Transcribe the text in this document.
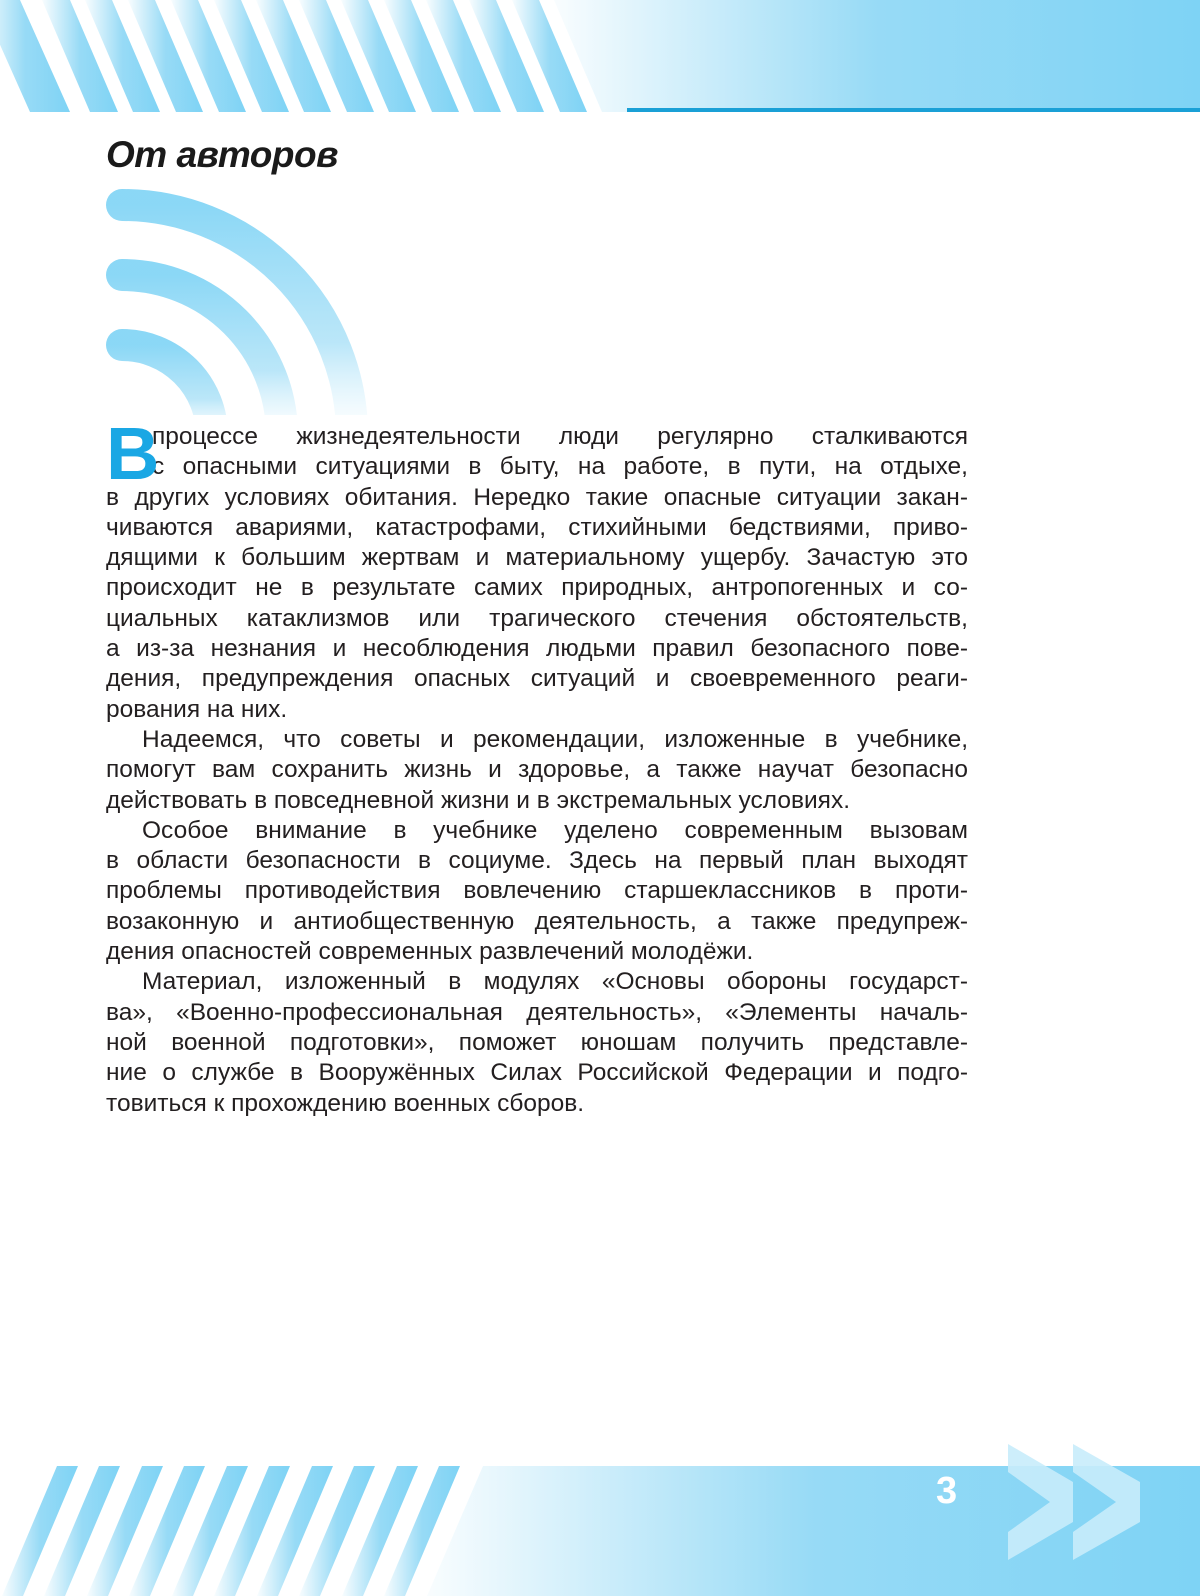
От авторов
В
процессе жизнедеятельности люди регулярно сталкиваются
с опасными ситуациями в быту, на работе, в пути, на отдыхе,
в других условиях обитания. Нередко такие опасные ситуации закан-
чиваются авариями, катастрофами, стихийными бедствиями, приво-
дящими к большим жертвам и материальному ущербу. Зачастую это
происходит не в результате самих природных, антропогенных и со-
циальных катаклизмов или трагического стечения обстоятельств,
а из-за незнания и несоблюдения людьми правил безопасного пове-
дения, предупреждения опасных ситуаций и своевременного реаги-
рования на них.
Надеемся, что советы и рекомендации, изложенные в учебнике,
помогут вам сохранить жизнь и здоровье, а также научат безопасно
действовать в повседневной жизни и в экстремальных условиях.
Особое внимание в учебнике уделено современным вызовам
в области безопасности в социуме. Здесь на первый план выходят
проблемы противодействия вовлечению старшеклассников в проти-
возаконную и антиобщественную деятельность, а также предупреж-
дения опасностей современных развлечений молодёжи.
Материал, изложенный в модулях «Основы обороны государст-
ва», «Военно-профессиональная деятельность», «Элементы началь-
ной военной подготовки», поможет юношам получить представле-
ние о службе в Вооружённых Силах Российской Федерации и подго-
товиться к прохождению военных сборов.
3
